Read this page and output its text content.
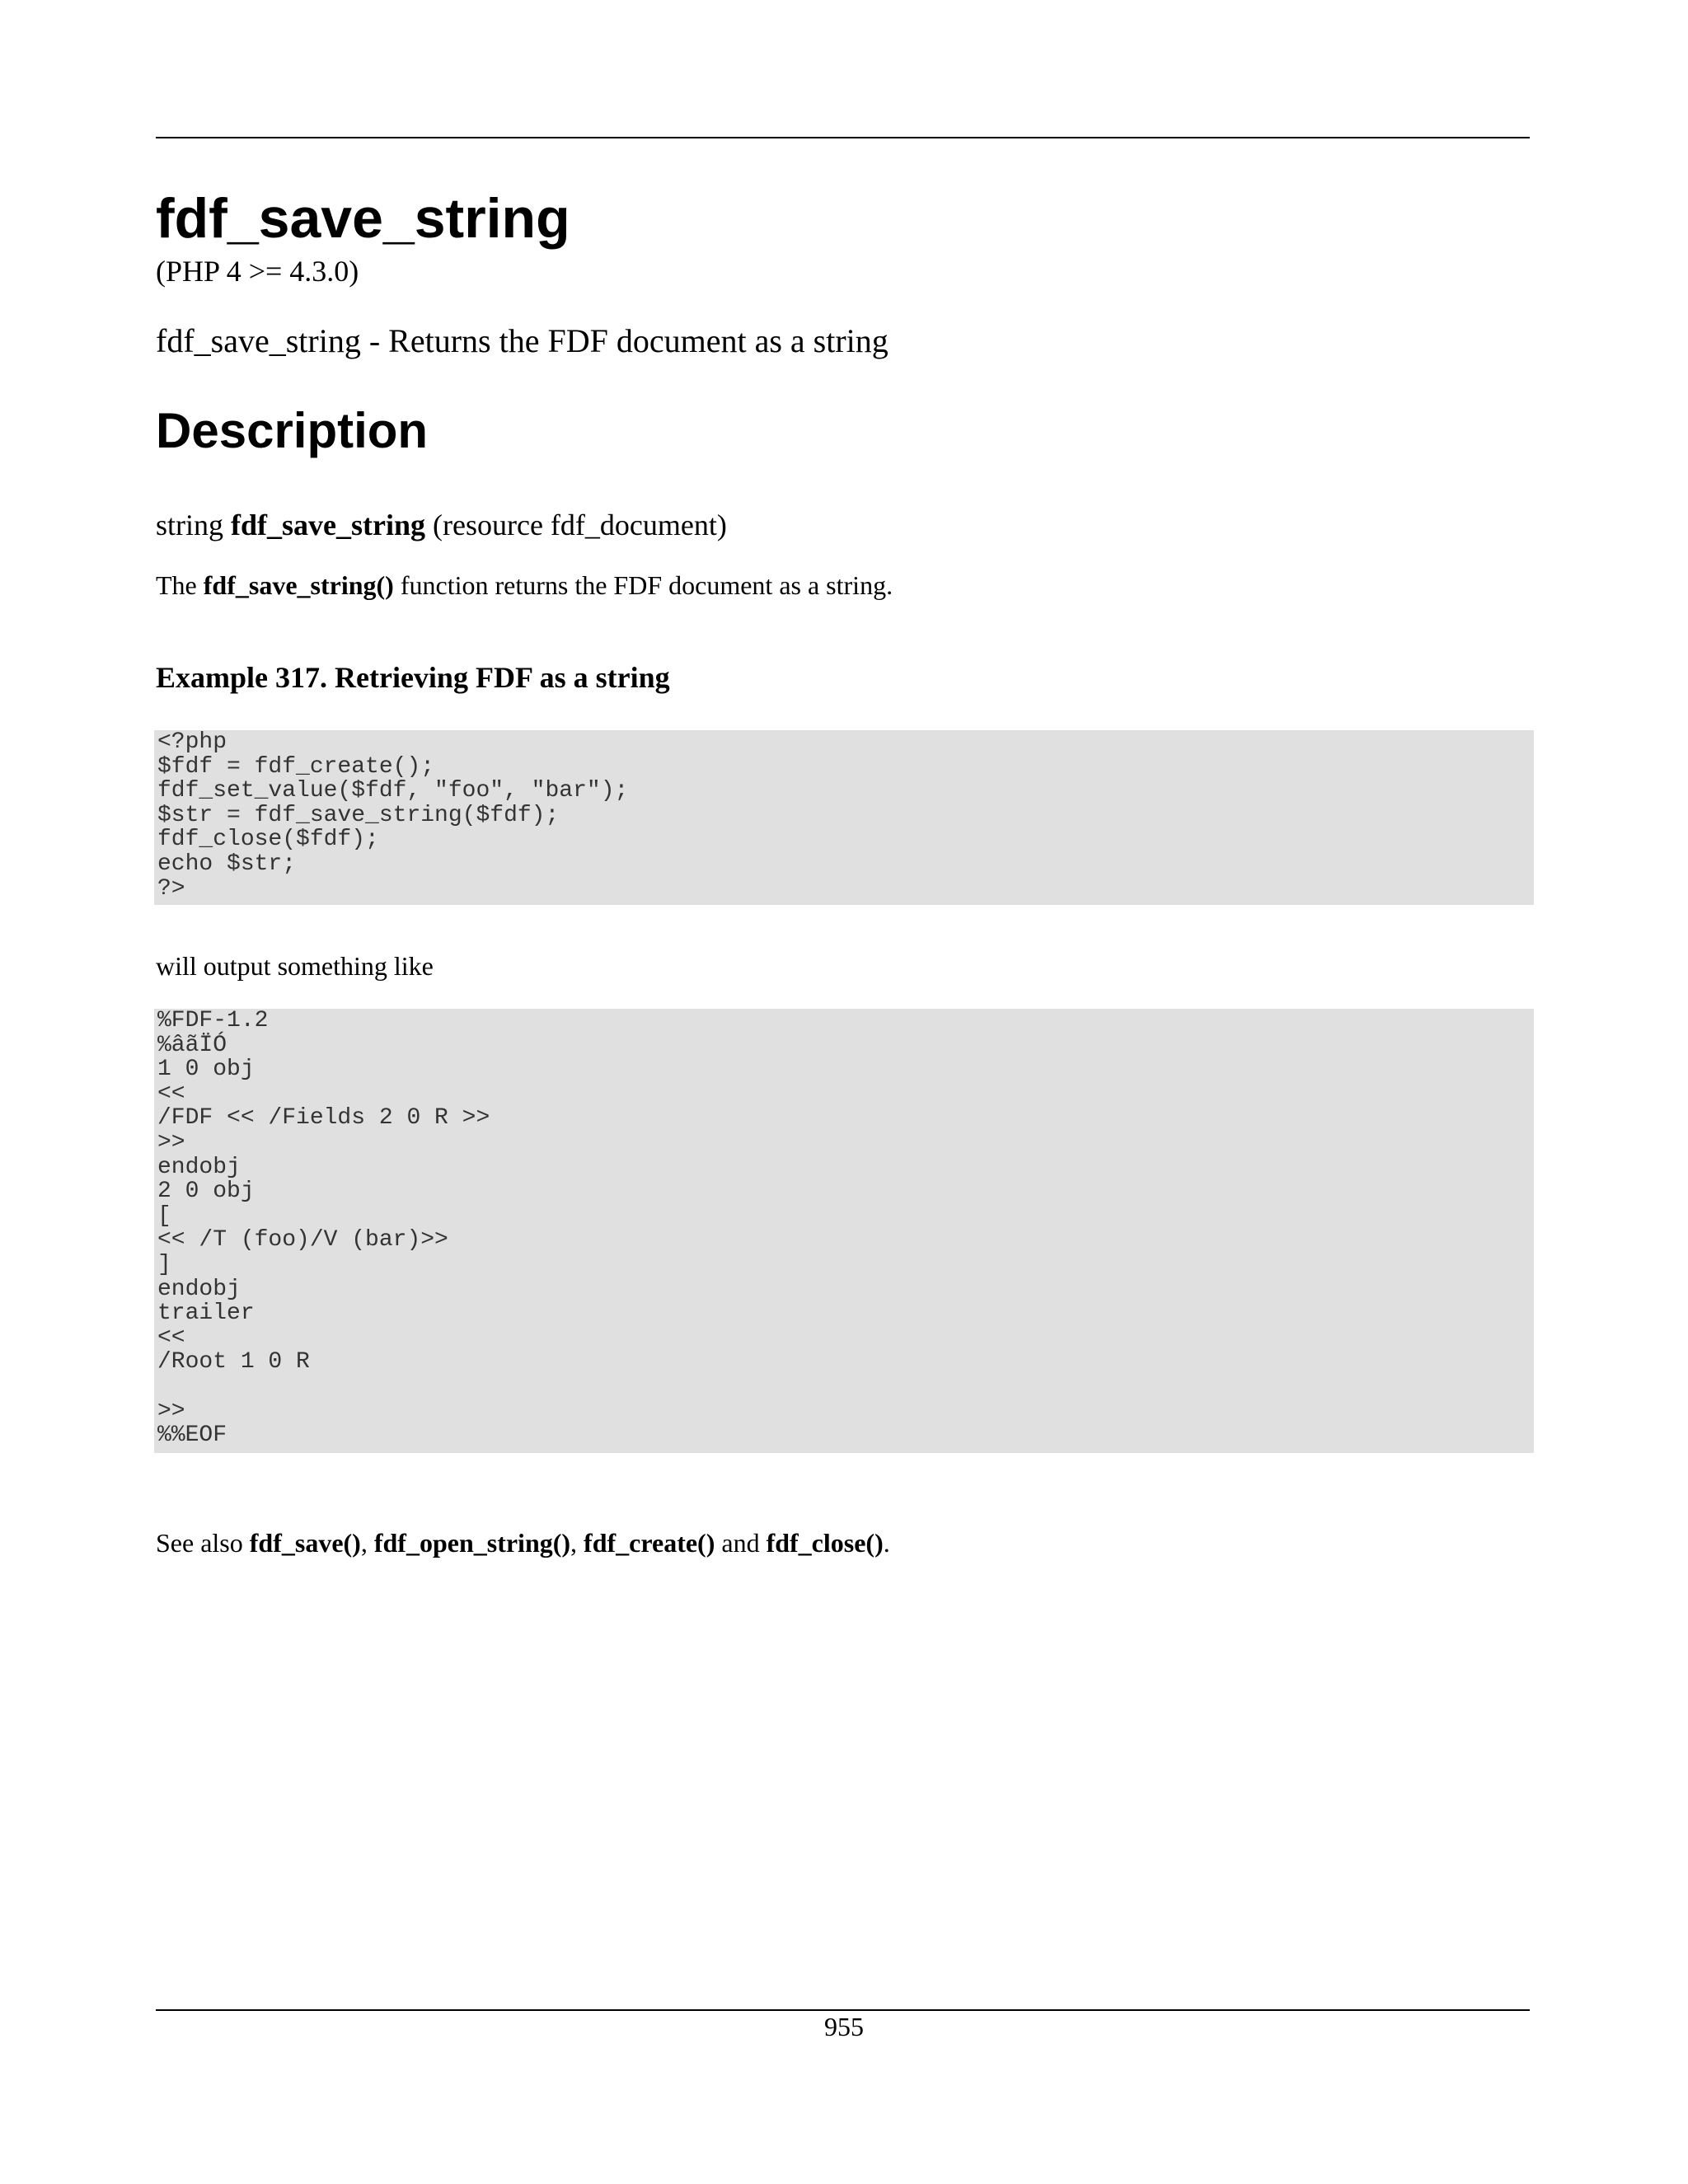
fdf_save_string
(PHP 4 >= 4.3.0)
fdf_save_string - Returns the FDF document as a string
Description
string fdf_save_string (resource fdf_document)
The fdf_save_string() function returns the FDF document as a string.
Example 317. Retrieving FDF as a string
<?php
$fdf = fdf_create();
fdf_set_value($fdf, "foo", "bar");
$str = fdf_save_string($fdf);
fdf_close($fdf);
echo $str;
?>
will output something like
%FDF-1.2
%âãÏÓ
1 0 obj
<<
/FDF << /Fields 2 0 R >>
>>
endobj
2 0 obj
[
<< /T (foo)/V (bar)>>
]
endobj
trailer
<<
/Root 1 0 R
>>
%%EOF
See also fdf_save(), fdf_open_string(), fdf_create() and fdf_close().
955
